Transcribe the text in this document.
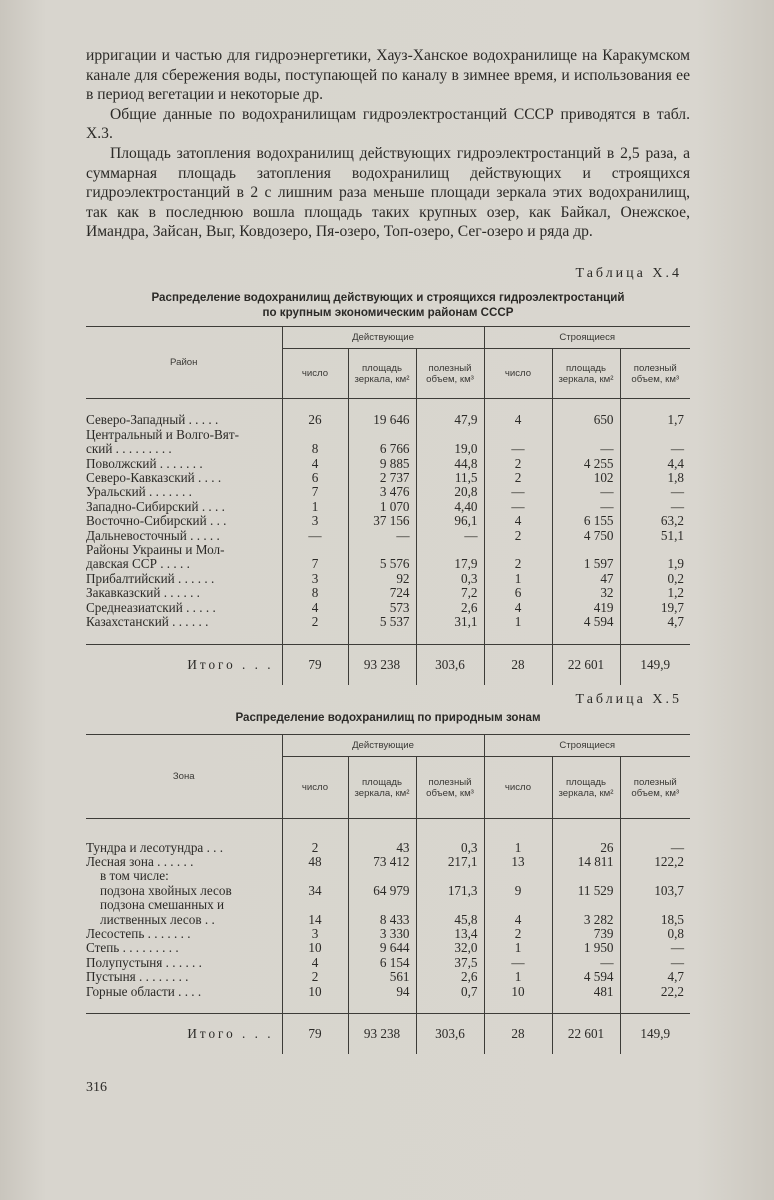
ирригации и частью для гидроэнергетики, Хауз-Ханское водохранилище на Каракумском канале для сбережения воды, поступающей по каналу в зимнее время, и использования ее в период вегетации и некоторые др.

Общие данные по водохранилищам гидроэлектростанций СССР приводятся в табл. X.3.

Площадь затопления водохранилищ действующих гидроэлектростанций в 2,5 раза, а суммарная площадь затопления водохранилищ действующих и строящихся гидроэлектростанций в 2 с лишним раза меньше площади зеркала этих водохранилищ, так как в последнюю вошла площадь таких крупных озер, как Байкал, Онежское, Имандра, Зайсан, Выг, Ковдозеро, Пя-озеро, Топ-озеро, Сег-озеро и ряда др.

Таблица X.4
Распределение водохранилищ действующих и строящихся гидроэлектростанций
по крупным экономическим районам СССР
Район	Действующие			Строящиеся		
	число	площадь зеркала, км²	полезный объем, км³	число	площадь зеркала, км²	полезный объем, км³

Северо-Западный . . . . .	26	19 646	47,9	4	650	1,7
Центральный и Волго-Вят-						
ский . . . . . . . . .	8	6 766	19,0	—	—	—
Поволжский . . . . . . .	4	9 885	44,8	2	4 255	4,4
Северо-Кавказский . . . .	6	2 737	11,5	2	102	1,8
Уральский . . . . . . .	7	3 476	20,8	—	—	—
Западно-Сибирский . . . .	1	1 070	4,40	—	—	—
Восточно-Сибирский . . .	3	37 156	96,1	4	6 155	63,2
Дальневосточный . . . . .	—	—	—	2	4 750	51,1
Районы Украины и Мол-						
давская ССР . . . . .	7	5 576	17,9	2	1 597	1,9
Прибалтийский . . . . . .	3	92	0,3	1	47	0,2
Закавказский . . . . . .	8	724	7,2	6	32	1,2
Среднеазиатский . . . . .	4	573	2,6	4	419	19,7
Казахстанский . . . . . .	2	5 537	31,1	1	4 594	4,7

Итого . . .	79	93 238	303,6	28	22 601	149,9
Таблица X.5
Распределение водохранилищ по природным зонам
Зона	Действующие			Строящиеся		
	число	площадь зеркала, км²	полезный объем, км³	число	площадь зеркала, км²	полезный объем, км³

Тундра и лесотундра . . .	2	43	0,3	1	26	—
Лесная зона . . . . . .	48	73 412	217,1	13	14 811	122,2
в том числе:						
подзона хвойных лесов	34	64 979	171,3	9	11 529	103,7
подзона смешанных и						
лиственных лесов . .	14	8 433	45,8	4	3 282	18,5
Лесостепь . . . . . . .	3	3 330	13,4	2	739	0,8
Степь . . . . . . . . .	10	9 644	32,0	1	1 950	—
Полупустыня . . . . . .	4	6 154	37,5	—	—	—
Пустыня . . . . . . . .	2	561	2,6	1	4 594	4,7
Горные области . . . .	10	94	0,7	10	481	22,2

Итого . . .	79	93 238	303,6	28	22 601	149,9
316
